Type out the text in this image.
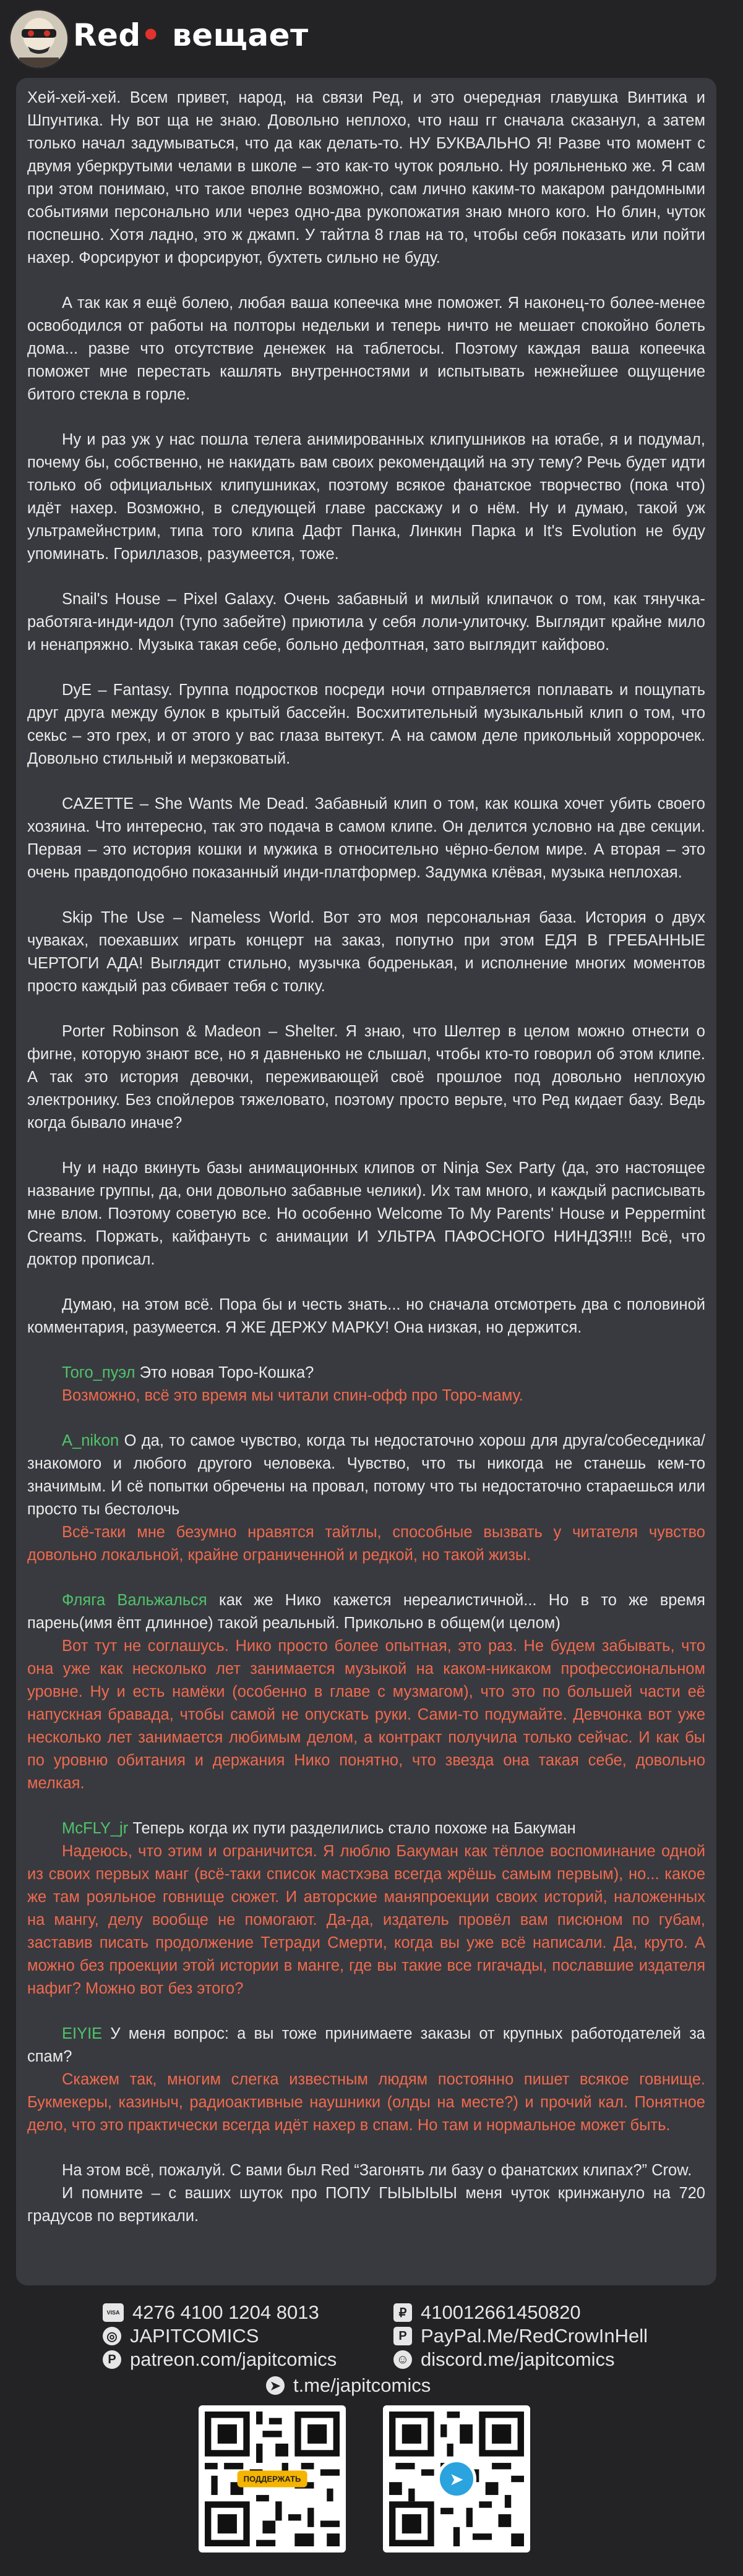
Red •
вещает

Хей-хей-хей. Всем привет, народ, на связи Ред, и это очередная главушка Винтика и Шпунтика. Ну вот ща не знаю. Довольно неплохо, что наш гг сначала сказанул, а затем только начал задумываться, что да как делать-то. НУ БУКВАЛЬНО Я! Разве что момент с двумя уберкрутыми челами в школе – это как-то чуток рояльно. Ну рояльненько же. Я сам при этом понимаю, что такое вполне возможно, сам лично каким-то макаром рандомными событиями персонально или через одно-два рукопожатия знаю много кого. Но блин, чуток поспешно. Хотя ладно, это ж джамп. У тайтла 8 глав на то, чтобы себя показать или пойти нахер. Форсируют и форсируют, бухтеть сильно не буду.

А так как я ещё болею, любая ваша копеечка мне поможет. Я наконец-то более-менее освободился от работы на полторы недельки и теперь ничто не мешает спокойно болеть дома... разве что отсутствие денежек на таблетосы. Поэтому каждая ваша копеечка поможет мне перестать кашлять внутренностями и испытывать нежнейшее ощущение битого стекла в горле.

Ну и раз уж у нас пошла телега анимированных клипушников на ютабе, я и подумал, почему бы, собственно, не накидать вам своих рекомендаций на эту тему? Речь будет идти только об официальных клипушниках, поэтому всякое фанатское творчество (пока что) идёт нахер. Возможно, в следующей главе расскажу и о нём. Ну и думаю, такой уж ультрамейнстрим, типа того клипа Дафт Панка, Линкин Парка и It's Evolution не буду упоминать. Гориллазов, разумеется, тоже.

Snail's House – Pixel Galaxy. Очень забавный и милый клипачок о том, как тянучка-работяга-инди-идол (тупо забейте) приютила у себя лоли-улиточку. Выглядит крайне мило и ненапряжно. Музыка такая себе, больно дефолтная, зато выглядит кайфово.

DyE – Fantasy. Группа подростков посреди ночи отправляется поплавать и пощупать друг друга между булок в крытый бассейн. Восхитительный музыкальный клип о том, что секьс – это грех, и от этого у вас глаза вытекут. А на самом деле прикольный хорророчек. Довольно стильный и мерзковатый.

CAZETTE – She Wants Me Dead. Забавный клип о том, как кошка хочет убить своего хозяина. Что интересно, так это подача в самом клипе. Он делится условно на две секции. Первая – это история кошки и мужика в относительно чёрно-белом мире. А вторая – это очень правдоподобно показанный инди-платформер. Задумка клёвая, музыка неплохая.

Skip The Use – Nameless World. Вот это моя персональная база. История о двух чуваках, поехавших играть концерт на заказ, попутно при этом ЕДЯ В ГРЕБАННЫЕ ЧЕРТОГИ АДА! Выглядит стильно, музычка бодренькая, и исполнение многих моментов просто каждый раз сбивает тебя с толку.

Porter Robinson & Madeon – Shelter. Я знаю, что Шелтер в целом можно отнести о фигне, которую знают все, но я давненько не слышал, чтобы кто-то говорил об этом клипе. А так это история девочки, переживающей своё прошлое под довольно неплохую электронику. Без спойлеров тяжеловато, поэтому просто верьте, что Ред кидает базу. Ведь когда бывало иначе?

Ну и надо вкинуть базы анимационных клипов от Ninja Sex Party (да, это настоящее название группы, да, они довольно забавные челики). Их там много, и каждый расписывать мне влом. Поэтому советую все. Но особенно Welcome To My Parents' House и Peppermint Creams. Поржать, кайфануть с анимации И УЛЬТРА ПАФОСНОГО НИНДЗЯ!!! Всё, что доктор прописал.

Думаю, на этом всё. Пора бы и честь знать... но сначала отсмотреть два с половиной комментария, разумеется. Я ЖЕ ДЕРЖУ МАРКУ! Она низкая, но держится.

Того_пуэл Это новая Торо-Кошка?

Возможно, всё это время мы читали спин-офф про Торо-маму.

A_nikon О да, то самое чувство, когда ты недостаточно хорош для друга/собеседника/знакомого и любого другого человека. Чувство, что ты никогда не станешь кем-то значимым. И сё попытки обречены на провал, потому что ты недостаточно стараешься или просто ты бестолочь

Всё-таки мне безумно нравятся тайтлы, способные вызвать у читателя чувство довольно локальной, крайне ограниченной и редкой, но такой жизы.

Фляга Вальжалься как же Нико кажется нереалистичной... Но в то же время парень(имя ёпт длинное) такой реальный. Прикольно в общем(и целом)

Вот тут не соглашусь. Нико просто более опытная, это раз. Не будем забывать, что она уже как несколько лет занимается музыкой на каком-никаком профессиональном уровне. Ну и есть намёки (особенно в главе с музмагом), что это по большей части её напускная бравада, чтобы самой не опускать руки. Сами-то подумайте. Девчонка вот уже несколько лет занимается любимым делом, а контракт получила только сейчас. И как бы по уровню обитания и держания Нико понятно, что звезда она такая себе, довольно мелкая.

McFLY_jr Теперь когда их пути разделились стало похоже на Бакуман

Надеюсь, что этим и ограничится. Я люблю Бакуман как тёплое воспоминание одной из своих первых манг (всё-таки список мастхэва всегда жрёшь самым первым), но... какое же там рояльное говнище сюжет. И авторские маняпроекции своих историй, наложенных на мангу, делу вообще не помогают. Да-да, издатель провёл вам писюном по губам, заставив писать продолжение Тетради Смерти, когда вы уже всё написали. Да, круто. А можно без проекции этой истории в манге, где вы такие все гигачады, пославшие издателя нафиг? Можно вот без этого?

EIYIE У меня вопрос: а вы тоже принимаете заказы от крупных работодателей за спам?

Скажем так, многим слегка известным людям постоянно пишет всякое говнище. Букмекеры, казиныч, радиоактивные наушники (олды на месте?) и прочий кал. Понятное дело, что это практически всегда идёт нахер в спам. Но там и нормальное может быть.

На этом всё, пожалуй. С вами был Red “Загонять ли базу о фанатских клипах?” Crow.

И помните – с ваших шуток про ПОПУ ГЫЫЫЫЫ меня чуток кринжануло на 720 градусов по вертикали.

VISA 4276 4100 1204 8013
◎ JAPITCOMICS
P patreon.com/japitcomics
₽ 410012661450820
P PayPal.Me/RedCrowInHell
☺ discord.me/japitcomics
➤ t.me/japitcomics
ПОДДЕРЖАТЬ	➤
